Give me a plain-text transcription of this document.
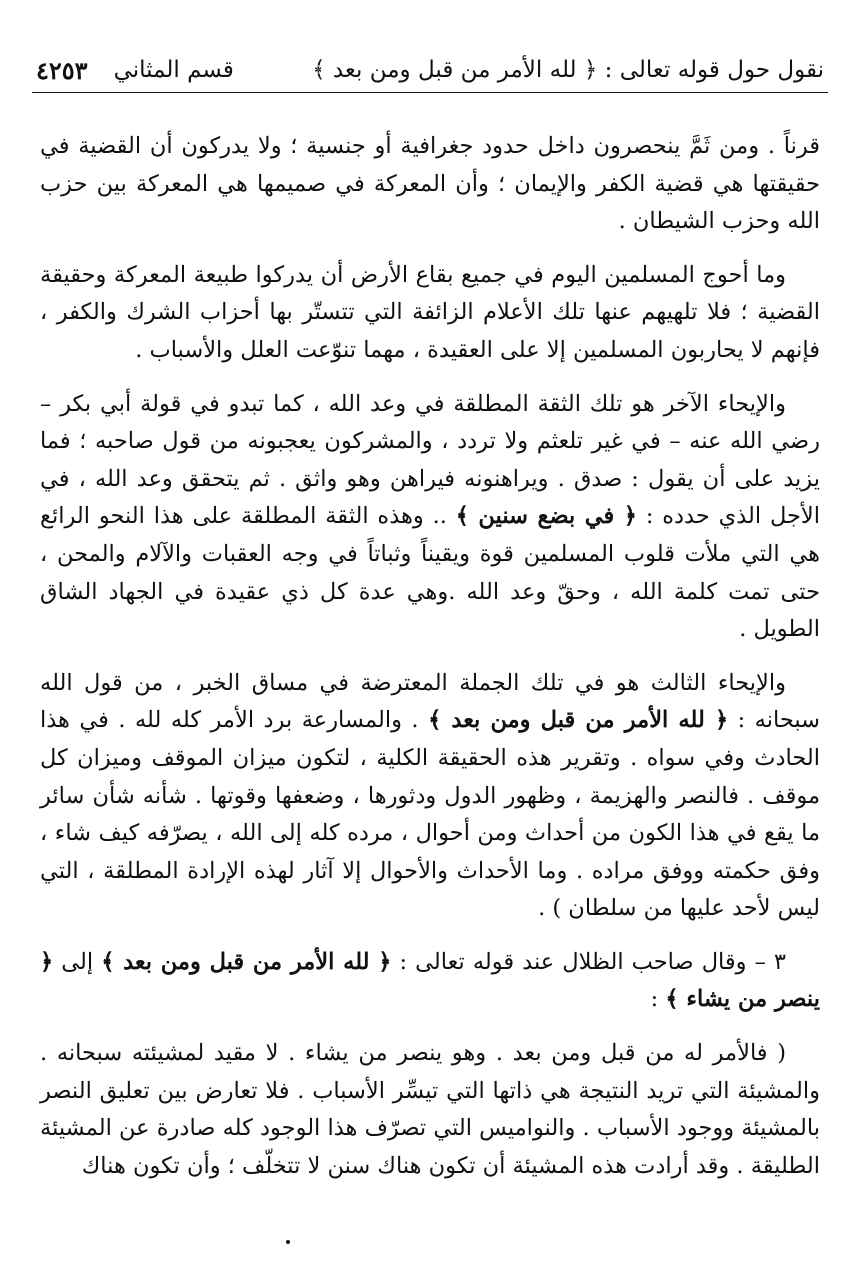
نقول حول قوله تعالى : ﴿ لله الأمر من قبل ومن بعد ﴾
قسم المثاني
٤٢٥٣

قرناً . ومن ثَمَّ ينحصرون داخل حدود جغرافية أو جنسية ؛ ولا يدركون أن القضية في حقيقتها هي قضية الكفر والإيمان ؛ وأن المعركة في صميمها هي المعركة بين حزب الله وحزب الشيطان .

وما أحوج المسلمين اليوم في جميع بقاع الأرض أن يدركوا طبيعة المعركة وحقيقة القضية ؛ فلا تلهيهم عنها تلك الأعلام الزائفة التي تتستّر بها أحزاب الشرك والكفر ، فإنهم لا يحاربون المسلمين إلا على العقيدة ، مهما تنوّعت العلل والأسباب .

والإيحاء الآخر هو تلك الثقة المطلقة في وعد الله ، كما تبدو في قولة أبي بكر – رضي الله عنه – في غير تلعثم ولا تردد ، والمشركون يعجبونه من قول صاحبه ؛ فما يزيد على أن يقول : صدق . ويراهنونه فيراهن وهو واثق . ثم يتحقق وعد الله ، في الأجل الذي حدده : ﴿ في بضع سنين ﴾ .. وهذه الثقة المطلقة على هذا النحو الرائع هي التي ملأت قلوب المسلمين قوة ويقيناً وثباتاً في وجه العقبات والآلام والمحن ، حتى تمت كلمة الله ، وحقّ وعد الله .وهي عدة كل ذي عقيدة في الجهاد الشاق الطويل .

والإيحاء الثالث هو في تلك الجملة المعترضة في مساق الخبر ، من قول الله سبحانه : ﴿ لله الأمر من قبل ومن بعد ﴾ . والمسارعة برد الأمر كله لله . في هذا الحادث وفي سواه . وتقرير هذه الحقيقة الكلية ، لتكون ميزان الموقف وميزان كل موقف . فالنصر والهزيمة ، وظهور الدول ودثورها ، وضعفها وقوتها . شأنه شأن سائر ما يقع في هذا الكون من أحداث ومن أحوال ، مرده كله إلى الله ، يصرّفه كيف شاء ، وفق حكمته ووفق مراده . وما الأحداث والأحوال إلا آثار لهذه الإرادة المطلقة ، التي ليس لأحد عليها من سلطان ) .

٣ – وقال صاحب الظلال عند قوله تعالى : ﴿ لله الأمر من قبل ومن بعد ﴾ إلى ﴿ ينصر من يشاء ﴾ :

( فالأمر له من قبل ومن بعد . وهو ينصر من يشاء . لا مقيد لمشيئته سبحانه . والمشيئة التي تريد النتيجة هي ذاتها التي تيسِّر الأسباب . فلا تعارض بين تعليق النصر بالمشيئة ووجود الأسباب . والنواميس التي تصرّف هذا الوجود كله صادرة عن المشيئة الطليقة . وقد أرادت هذه المشيئة أن تكون هناك سنن لا تتخلّف ؛ وأن تكون هناك
